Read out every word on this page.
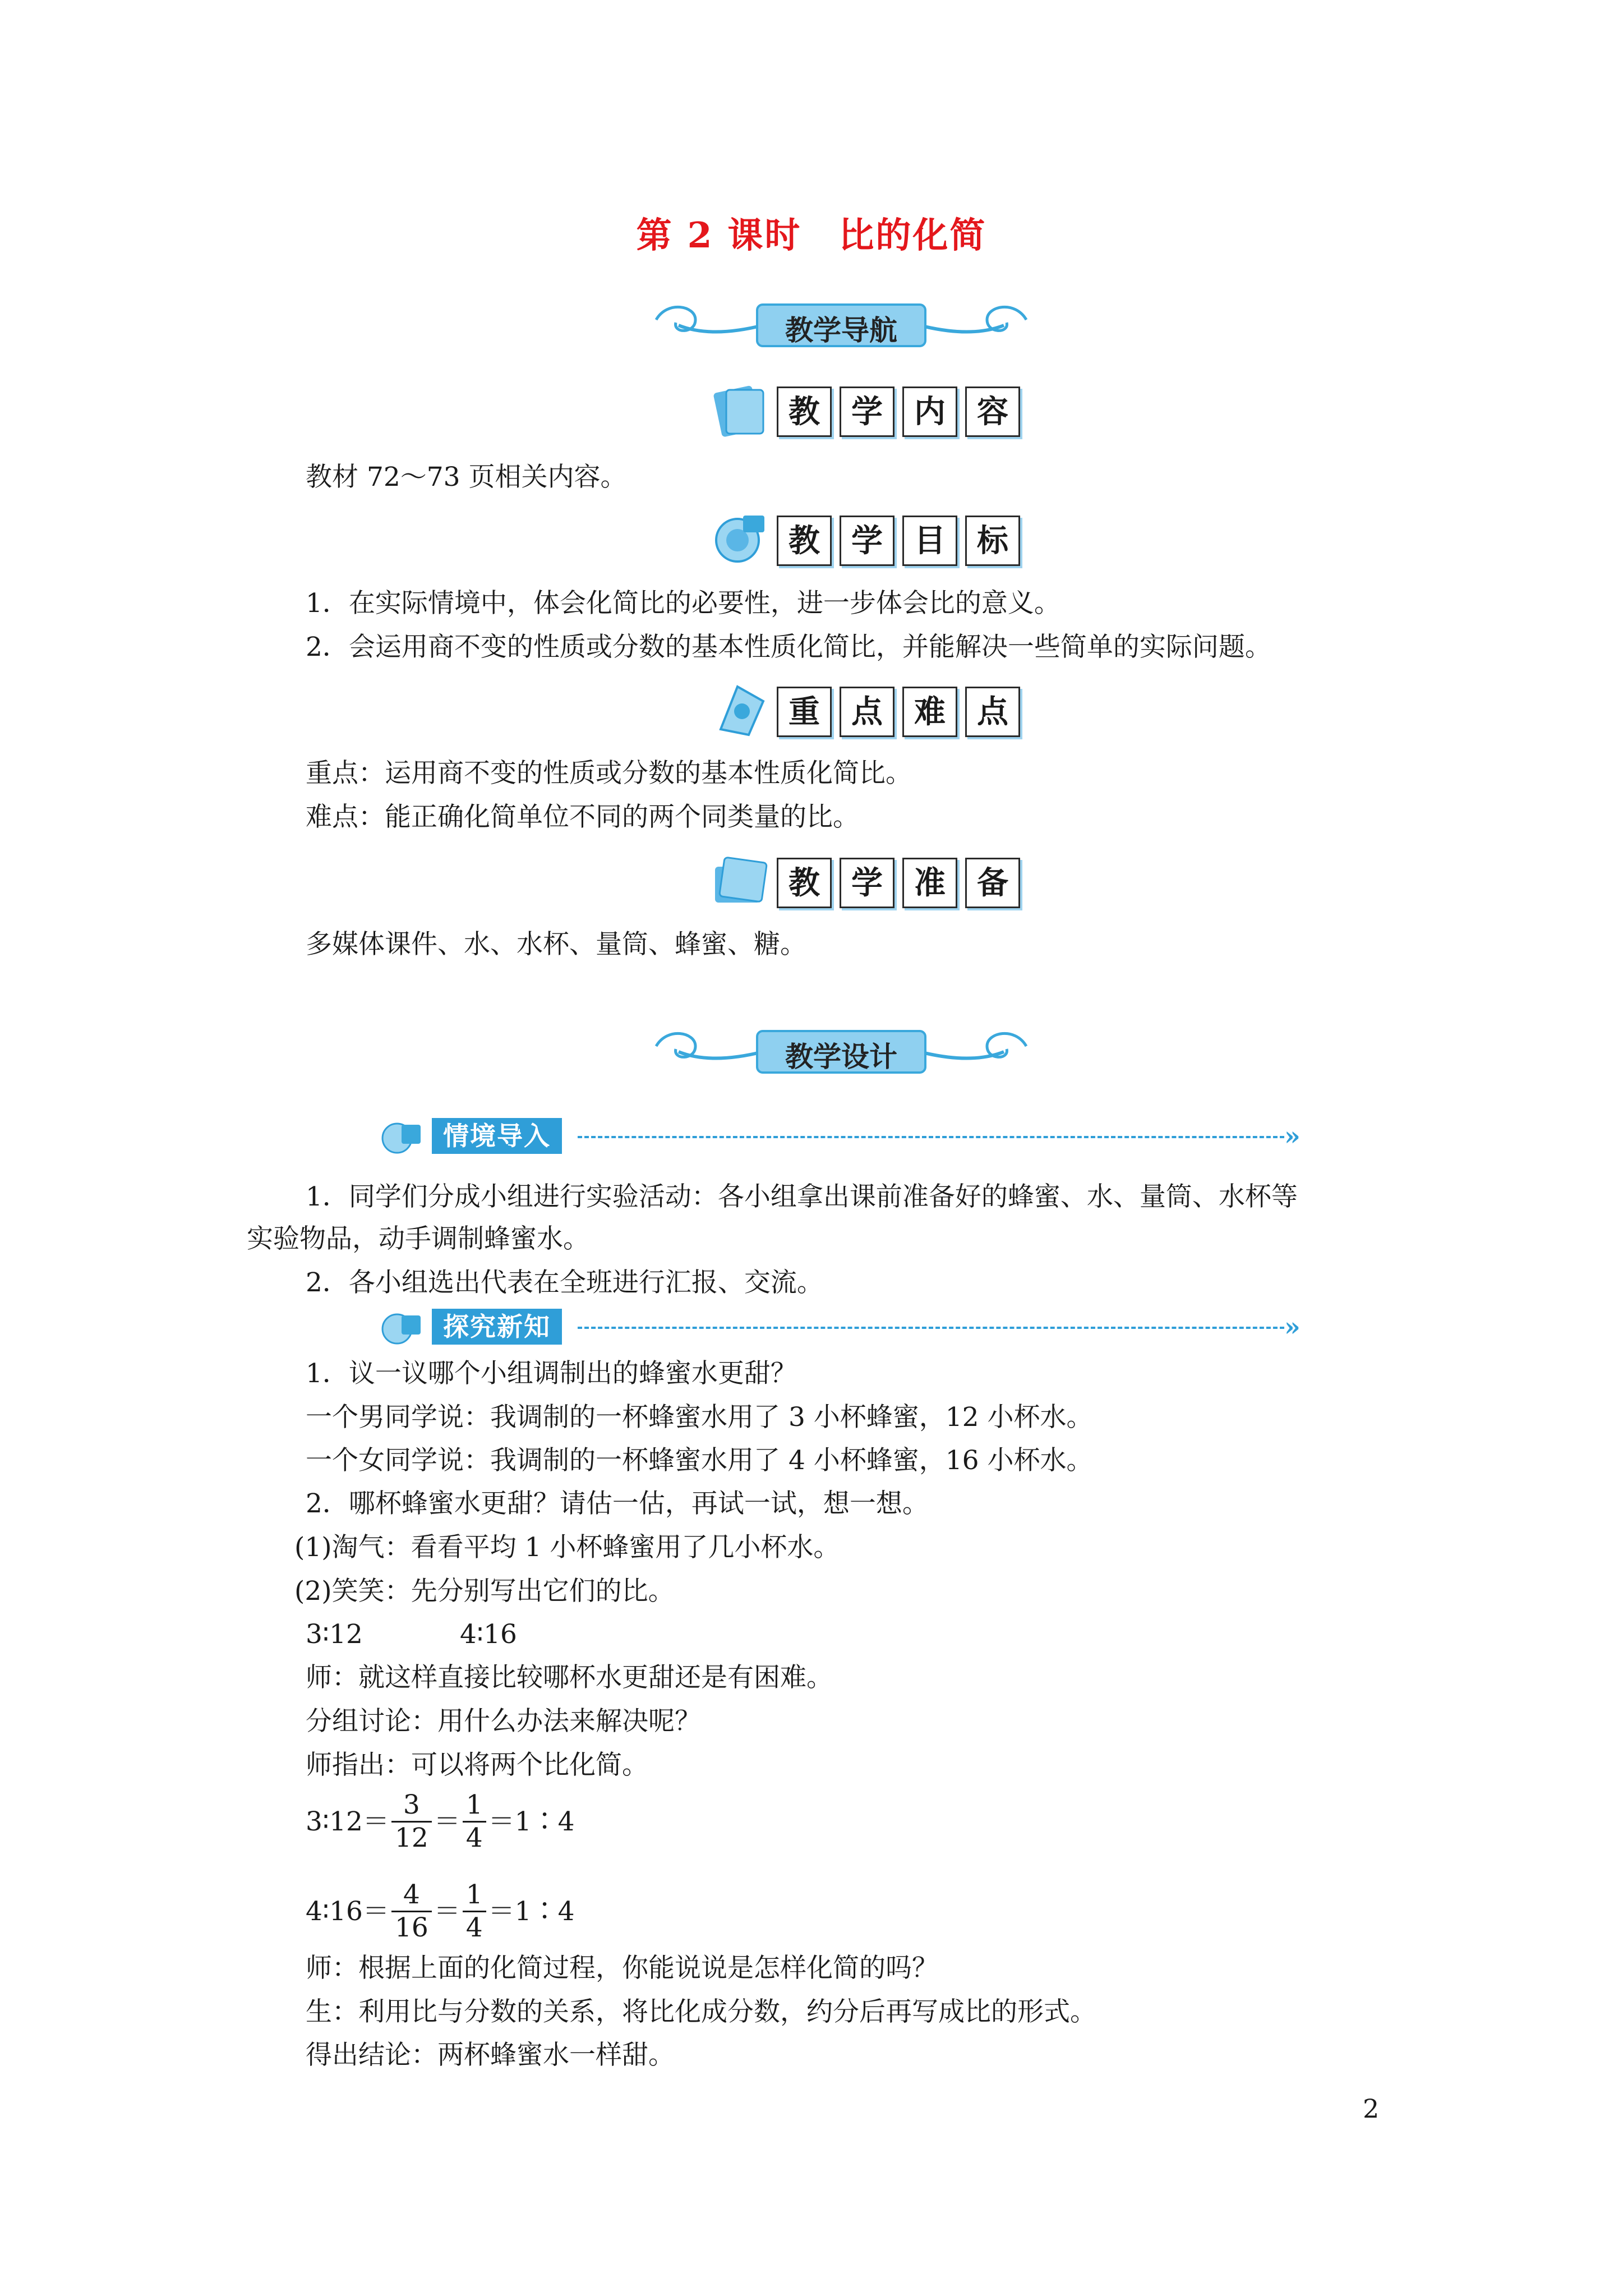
第 2 课时　比的化简
教学导航
教	学	内	容
教材 72～73 页相关内容。
教	学	目	标
1．在实际情境中，体会化简比的必要性，进一步体会比的意义。
2．会运用商不变的性质或分数的基本性质化简比，并能解决一些简单的实际问题。
重	点	难	点
重点：运用商不变的性质或分数的基本性质化简比。
难点：能正确化简单位不同的两个同类量的比。
教	学	准	备
多媒体课件、水、水杯、量筒、蜂蜜、糖。
教学设计
情境导入	»
1．同学们分成小组进行实验活动：各小组拿出课前准备好的蜂蜜、水、量筒、水杯等
实验物品，动手调制蜂蜜水。
2．各小组选出代表在全班进行汇报、交流。
探究新知	»
1．议一议哪个小组调制出的蜂蜜水更甜？
一个男同学说：我调制的一杯蜂蜜水用了 3 小杯蜂蜜，12 小杯水。
一个女同学说：我调制的一杯蜂蜜水用了 4 小杯蜂蜜，16 小杯水。
2．哪杯蜂蜜水更甜？请估一估，再试一试，想一想。
(1)淘气：看看平均 1 小杯蜂蜜用了几小杯水。
(2)笑笑：先分别写出它们的比。
3∶12	4∶16
师：就这样直接比较哪杯水更甜还是有困难。
分组讨论：用什么办法来解决呢？
师指出：可以将两个比化简。
3∶12＝ $\frac{3}{12} = \frac{1}{4}$ ＝1∶4
4∶16＝ $\frac{4}{16} = \frac{1}{4}$ ＝1∶4
师：根据上面的化简过程，你能说说是怎样化简的吗？
生：利用比与分数的关系，将比化成分数，约分后再写成比的形式。
得出结论：两杯蜂蜜水一样甜。
2
